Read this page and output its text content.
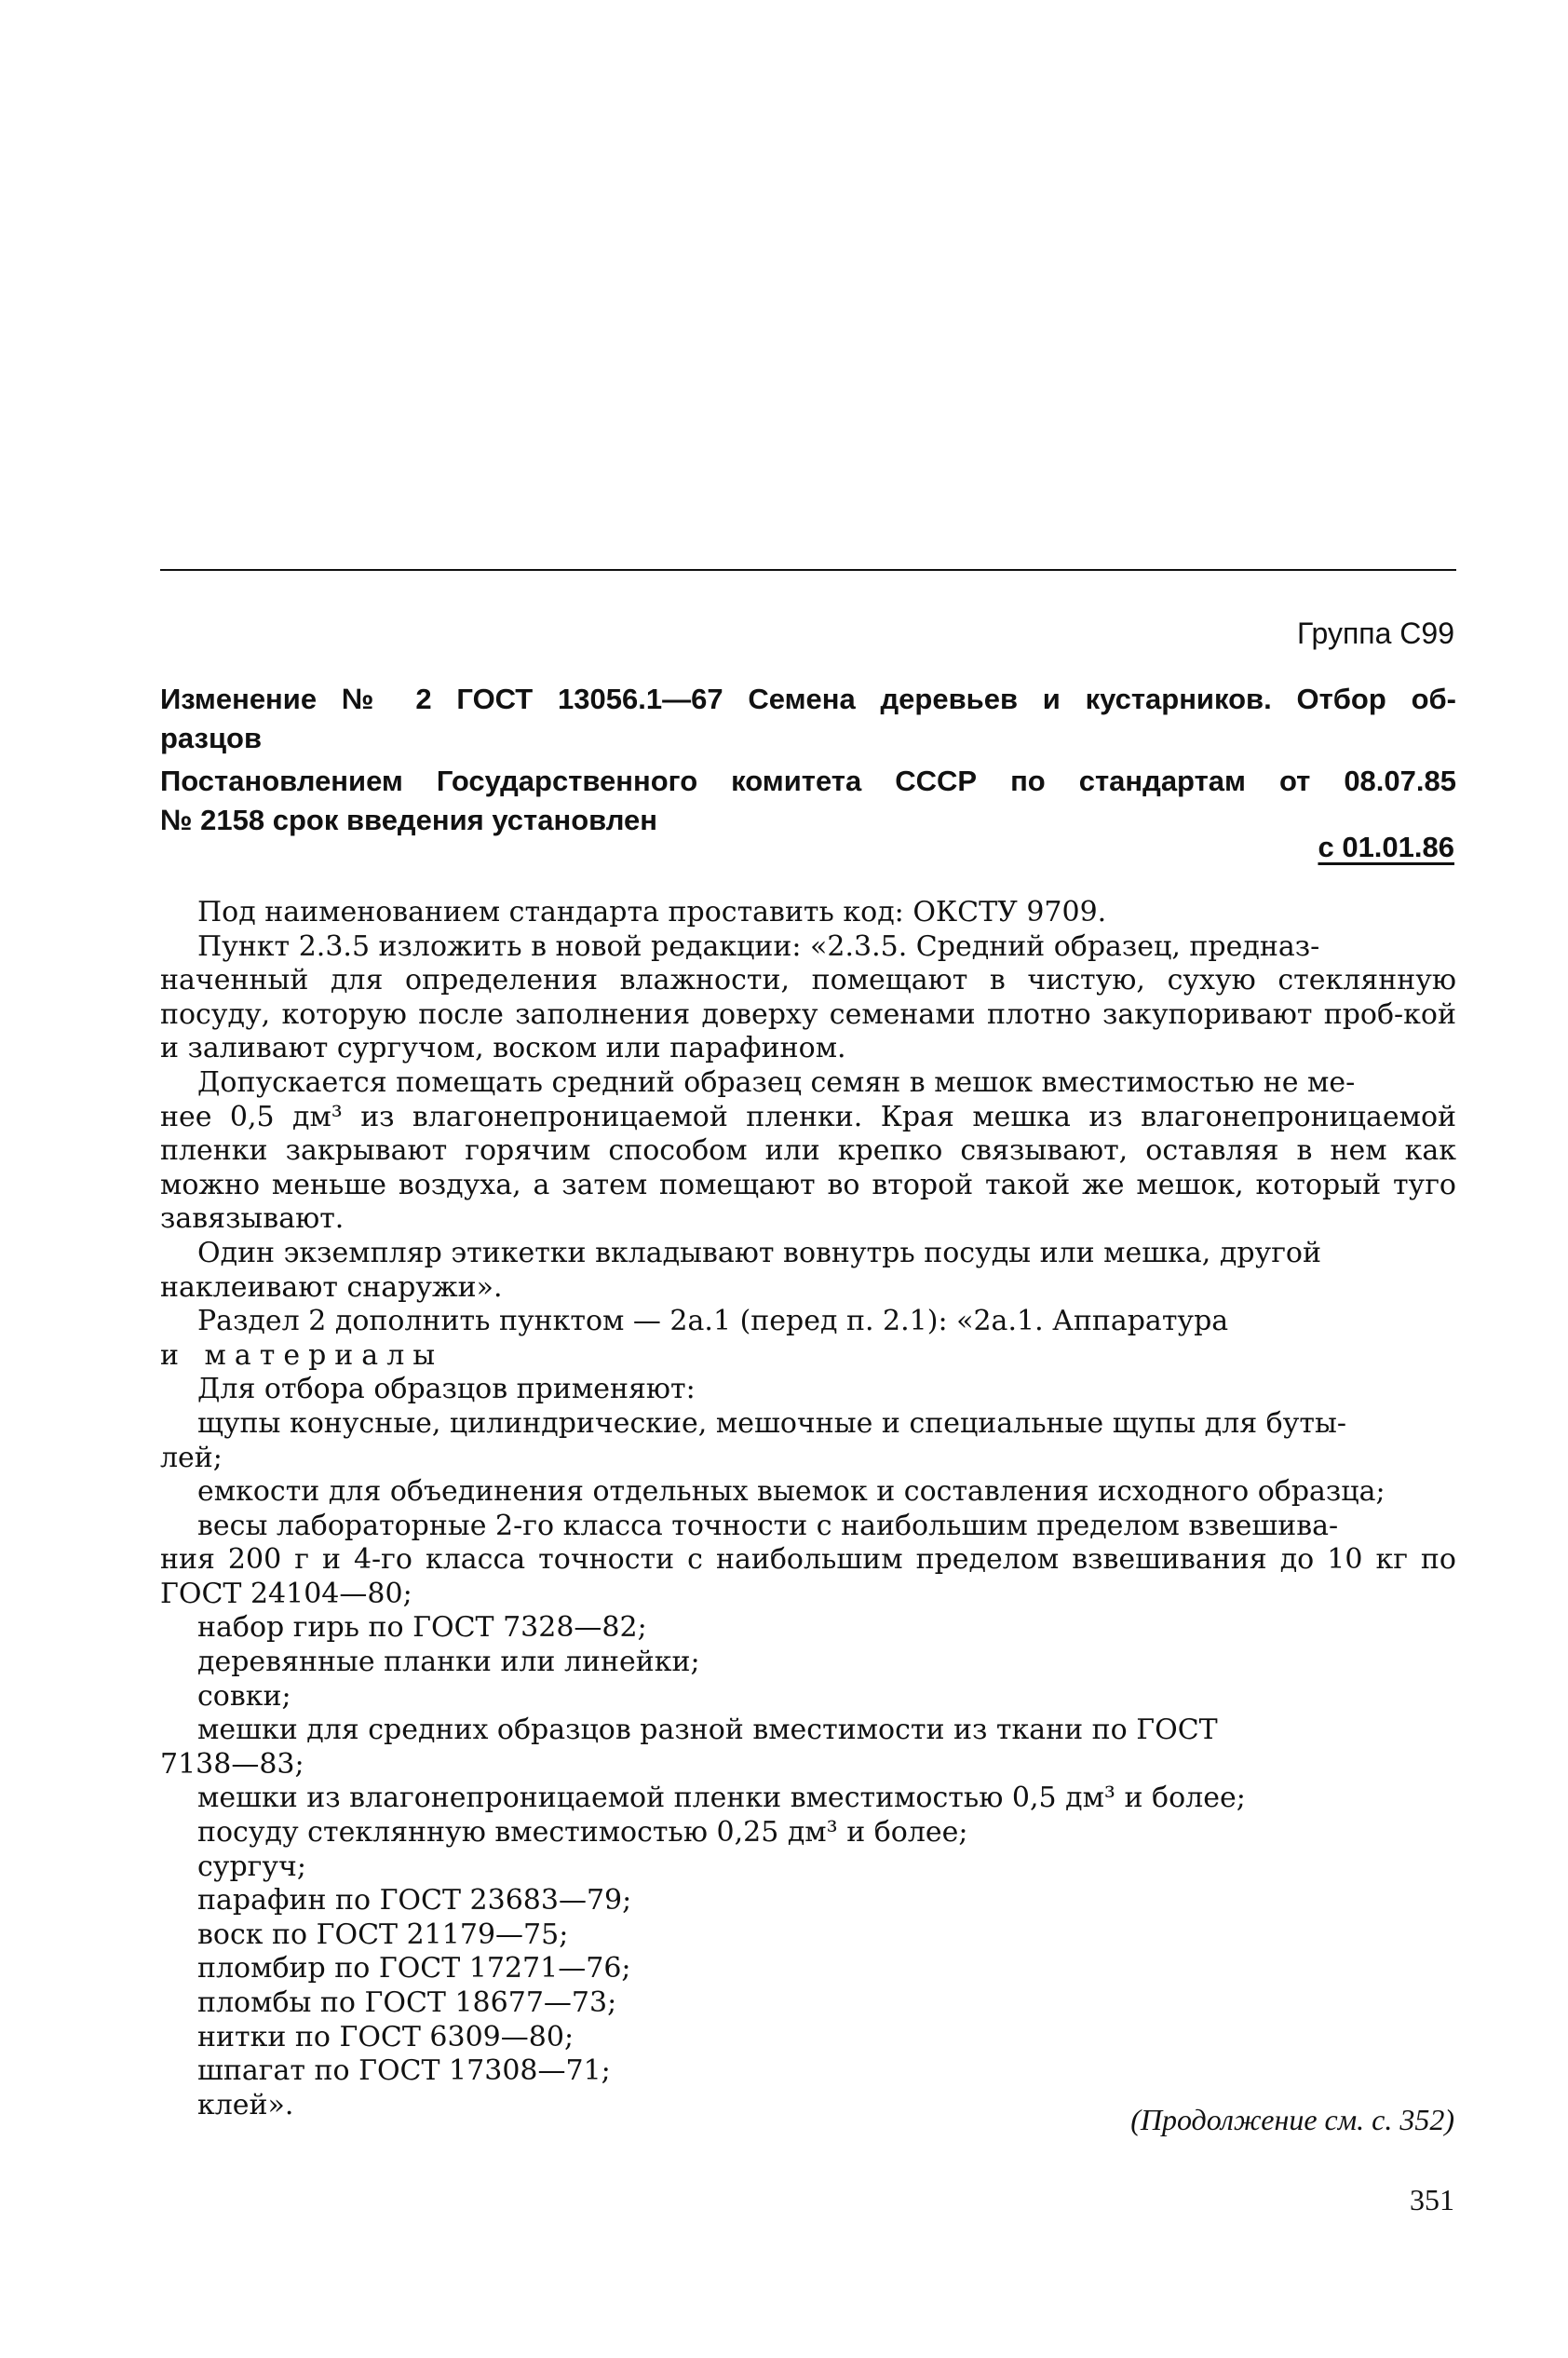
Группа С99
Изменение № 2 ГОСТ 13056.1—67 Семена деревьев и кустарников. Отбор об-
разцов
Постановлением Государственного комитета СССР по стандартам от 08.07.85
№ 2158 срок введения установлен
с 01.01.86

Под наименованием стандарта проставить код: ОКСТУ 9709.

Пункт 2.3.5 изложить в новой редакции: «2.3.5. Средний образец, предназ-

наченный для определения влажности, помещают в чистую, сухую стеклянную посуду, которую после заполнения доверху семенами плотно закупоривают проб-кой и заливают сургучом, воском или парафином.

Допускается помещать средний образец семян в мешок вместимостью не ме-

нее 0,5 дм³ из влагонепроницаемой пленки. Края мешка из влагонепроницаемой пленки закрывают горячим способом или крепко связывают, оставляя в нем как можно меньше воздуха, а затем помещают во второй такой же мешок, который туго завязывают.

Один экземпляр этикетки вкладывают вовнутрь посуды или мешка, другой

наклеивают снаружи».

Раздел 2 дополнить пунктом — 2а.1 (перед п. 2.1): «2а.1. Аппаратура

и материалы

Для отбора образцов применяют:

щупы конусные, цилиндрические, мешочные и специальные щупы для буты-

лей;

емкости для объединения отдельных выемок и составления исходного образца;

весы лабораторные 2-го класса точности с наибольшим пределом взвешива-

ния 200 г и 4-го класса точности с наибольшим пределом взвешивания до 10 кг по ГОСТ 24104—80;

набор гирь по ГОСТ 7328—82;

деревянные планки или линейки;

совки;

мешки для средних образцов разной вместимости из ткани по ГОСТ

7138—83;

мешки из влагонепроницаемой пленки вместимостью 0,5 дм³ и более;

посуду стеклянную вместимостью 0,25 дм³ и более;

сургуч;

парафин по ГОСТ 23683—79;

воск по ГОСТ 21179—75;

пломбир по ГОСТ 17271—76;

пломбы по ГОСТ 18677—73;

нитки по ГОСТ 6309—80;

шпагат по ГОСТ 17308—71;

клей».	(Продолжение см. с. 352)
351
